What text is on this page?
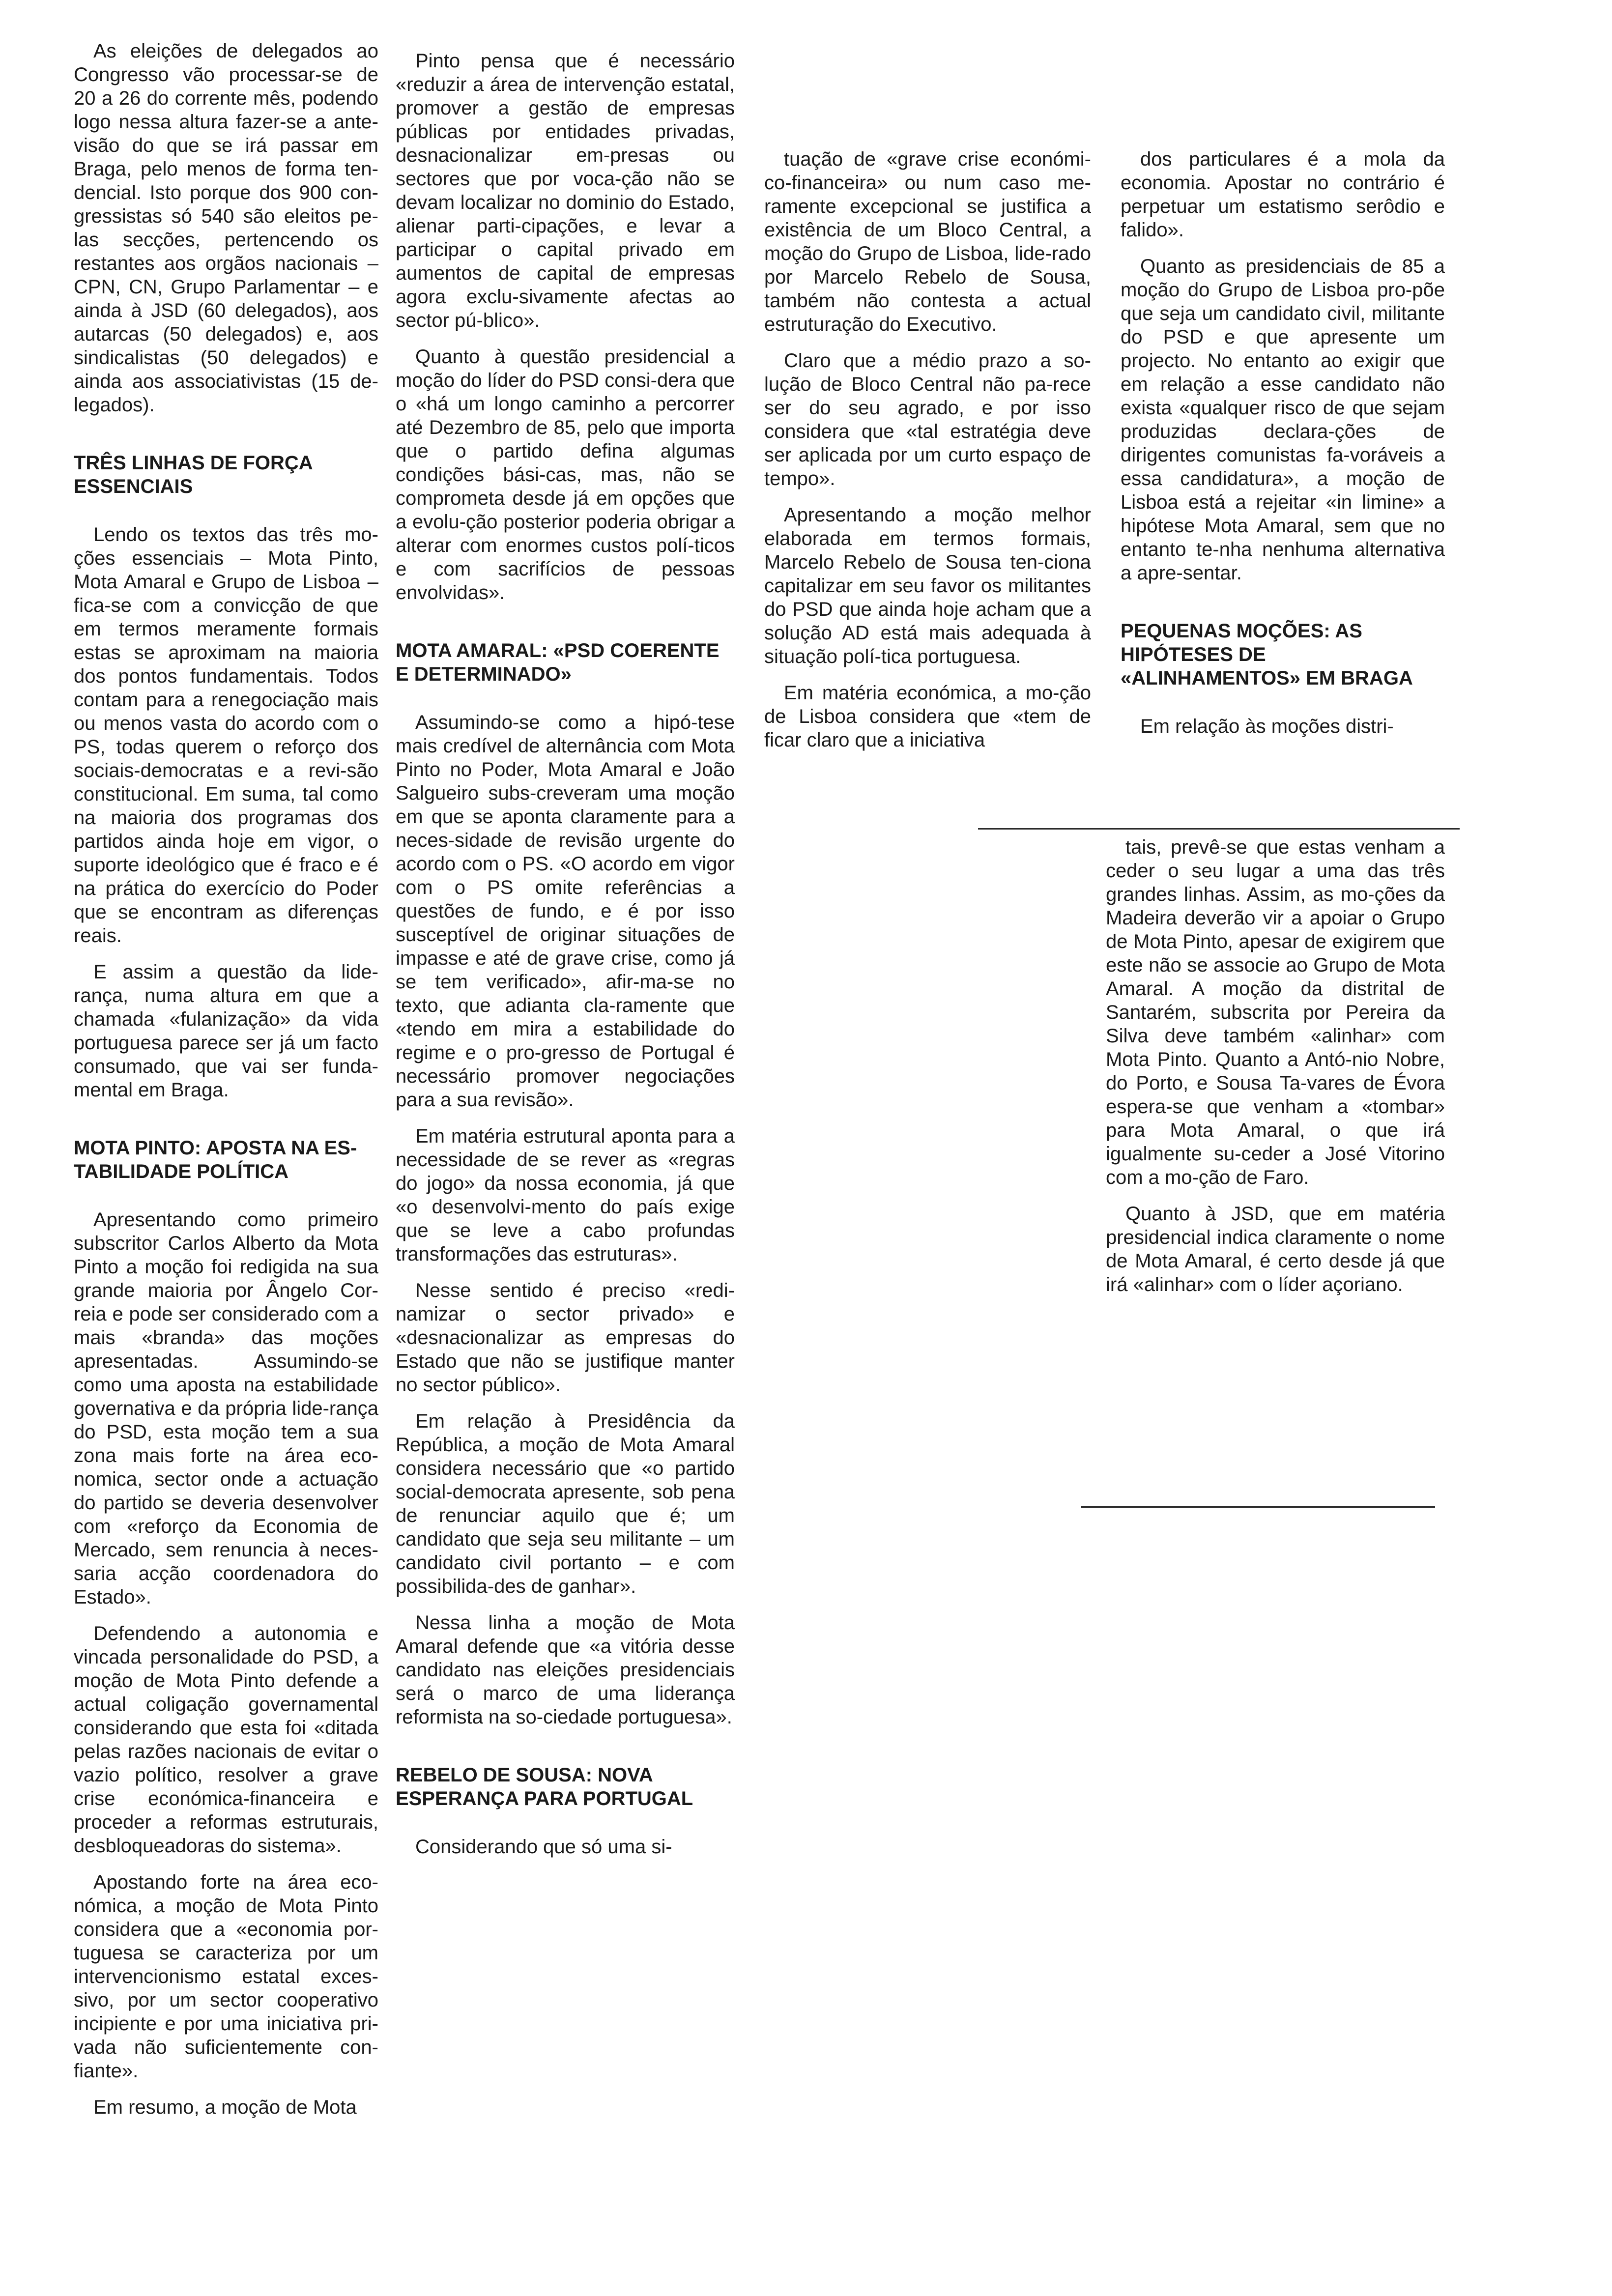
As eleições de delegados ao Congresso vão processar-se de 20 a 26 do corrente mês, podendo logo nessa altura fazer-se a ante-visão do que se irá passar em Braga, pelo menos de forma ten-dencial. Isto porque dos 900 con-gressistas só 540 são eleitos pe-las secções, pertencendo os restantes aos orgãos nacionais – CPN, CN, Grupo Parlamentar – e ainda à JSD (60 delegados), aos autarcas (50 delegados) e, aos sindicalistas (50 delegados) e ainda aos associativistas (15 de-legados).

TRÊS LINHAS DE FORÇA ESSENCIAIS

Lendo os textos das três mo-ções essenciais – Mota Pinto, Mota Amaral e Grupo de Lisboa – fica-se com a convicção de que em termos meramente formais estas se aproximam na maioria dos pontos fundamentais. Todos contam para a renegociação mais ou menos vasta do acordo com o PS, todas querem o reforço dos sociais-democratas e a revi-são constitucional. Em suma, tal como na maioria dos programas dos partidos ainda hoje em vigor, o suporte ideológico que é fraco e é na prática do exercício do Poder que se encontram as diferenças reais.

E assim a questão da lide-rança, numa altura em que a chamada «fulanização» da vida portuguesa parece ser já um facto consumado, que vai ser funda-mental em Braga.

MOTA PINTO: APOSTA NA ES-TABILIDADE POLÍTICA

Apresentando como primeiro subscritor Carlos Alberto da Mota Pinto a moção foi redigida na sua grande maioria por Ângelo Cor-reia e pode ser considerado com a mais «branda» das moções apresentadas. Assumindo-se como uma aposta na estabilidade governativa e da própria lide-rança do PSD, esta moção tem a sua zona mais forte na área eco-nomica, sector onde a actuação do partido se deveria desenvolver com «reforço da Economia de Mercado, sem renuncia à neces-saria acção coordenadora do Estado».

Defendendo a autonomia e vincada personalidade do PSD, a moção de Mota Pinto defende a actual coligação governamental considerando que esta foi «ditada pelas razões nacionais de evitar o vazio político, resolver a grave crise económica-financeira e proceder a reformas estruturais, desbloqueadoras do sistema».

Apostando forte na área eco-nómica, a moção de Mota Pinto considera que a «economia por-tuguesa se caracteriza por um intervencionismo estatal exces-sivo, por um sector cooperativo incipiente e por uma iniciativa pri-vada não suficientemente con-fiante».

Em resumo, a moção de Mota

Pinto pensa que é necessário «reduzir a área de intervenção estatal, promover a gestão de empresas públicas por entidades privadas, desnacionalizar em-presas ou sectores que por voca-ção não se devam localizar no dominio do Estado, alienar parti-cipações, e levar a participar o capital privado em aumentos de capital de empresas agora exclu-sivamente afectas ao sector pú-blico».

Quanto à questão presidencial a moção do líder do PSD consi-dera que o «há um longo caminho a percorrer até Dezembro de 85, pelo que importa que o partido defina algumas condições bási-cas, mas, não se comprometa desde já em opções que a evolu-ção posterior poderia obrigar a alterar com enormes custos polí-ticos e com sacrifícios de pessoas envolvidas».

MOTA AMARAL: «PSD COERENTE E DETERMINADO»

Assumindo-se como a hipó-tese mais credível de alternância com Mota Pinto no Poder, Mota Amaral e João Salgueiro subs-creveram uma moção em que se aponta claramente para a neces-sidade de revisão urgente do acordo com o PS. «O acordo em vigor com o PS omite referências a questões de fundo, e é por isso susceptível de originar situações de impasse e até de grave crise, como já se tem verificado», afir-ma-se no texto, que adianta cla-ramente que «tendo em mira a estabilidade do regime e o pro-gresso de Portugal é necessário promover negociações para a sua revisão».

Em matéria estrutural aponta para a necessidade de se rever as «regras do jogo» da nossa economia, já que «o desenvolvi-mento do país exige que se leve a cabo profundas transformações das estruturas».

Nesse sentido é preciso «redi-namizar o sector privado» e «desnacionalizar as empresas do Estado que não se justifique manter no sector público».

Em relação à Presidência da República, a moção de Mota Amaral considera necessário que «o partido social-democrata apresente, sob pena de renunciar aquilo que é; um candidato que seja seu militante – um candidato civil portanto – e com possibilida-des de ganhar».

Nessa linha a moção de Mota Amaral defende que «a vitória desse candidato nas eleições presidenciais será o marco de uma liderança reformista na so-ciedade portuguesa».

REBELO DE SOUSA: NOVA ESPERANÇA PARA PORTUGAL

Considerando que só uma si-

tuação de «grave crise económi-co-financeira» ou num caso me-ramente excepcional se justifica a existência de um Bloco Central, a moção do Grupo de Lisboa, lide-rado por Marcelo Rebelo de Sousa, também não contesta a actual estruturação do Executivo.

Claro que a médio prazo a so-lução de Bloco Central não pa-rece ser do seu agrado, e por isso considera que «tal estratégia deve ser aplicada por um curto espaço de tempo».

Apresentando a moção melhor elaborada em termos formais, Marcelo Rebelo de Sousa ten-ciona capitalizar em seu favor os militantes do PSD que ainda hoje acham que a solução AD está mais adequada à situação polí-tica portuguesa.

Em matéria económica, a mo-ção de Lisboa considera que «tem de ficar claro que a iniciativa

dos particulares é a mola da economia. Apostar no contrário é perpetuar um estatismo serôdio e falido».

Quanto as presidenciais de 85 a moção do Grupo de Lisboa pro-põe que seja um candidato civil, militante do PSD e que apresente um projecto. No entanto ao exigir que em relação a esse candidato não exista «qualquer risco de que sejam produzidas declara-ções de dirigentes comunistas fa-voráveis a essa candidatura», a moção de Lisboa está a rejeitar «in limine» a hipótese Mota Amaral, sem que no entanto te-nha nenhuma alternativa a apre-sentar.

PEQUENAS MOÇÕES: AS HIPÓTESES DE «ALINHAMENTOS» EM BRAGA

Em relação às moções distri-

tais, prevê-se que estas venham a ceder o seu lugar a uma das três grandes linhas. Assim, as mo-ções da Madeira deverão vir a apoiar o Grupo de Mota Pinto, apesar de exigirem que este não se associe ao Grupo de Mota Amaral. A moção da distrital de Santarém, subscrita por Pereira da Silva deve também «alinhar» com Mota Pinto. Quanto a Antó-nio Nobre, do Porto, e Sousa Ta-vares de Évora espera-se que venham a «tombar» para Mota Amaral, o que irá igualmente su-ceder a José Vitorino com a mo-ção de Faro.

Quanto à JSD, que em matéria presidencial indica claramente o nome de Mota Amaral, é certo desde já que irá «alinhar» com o líder açoriano.
